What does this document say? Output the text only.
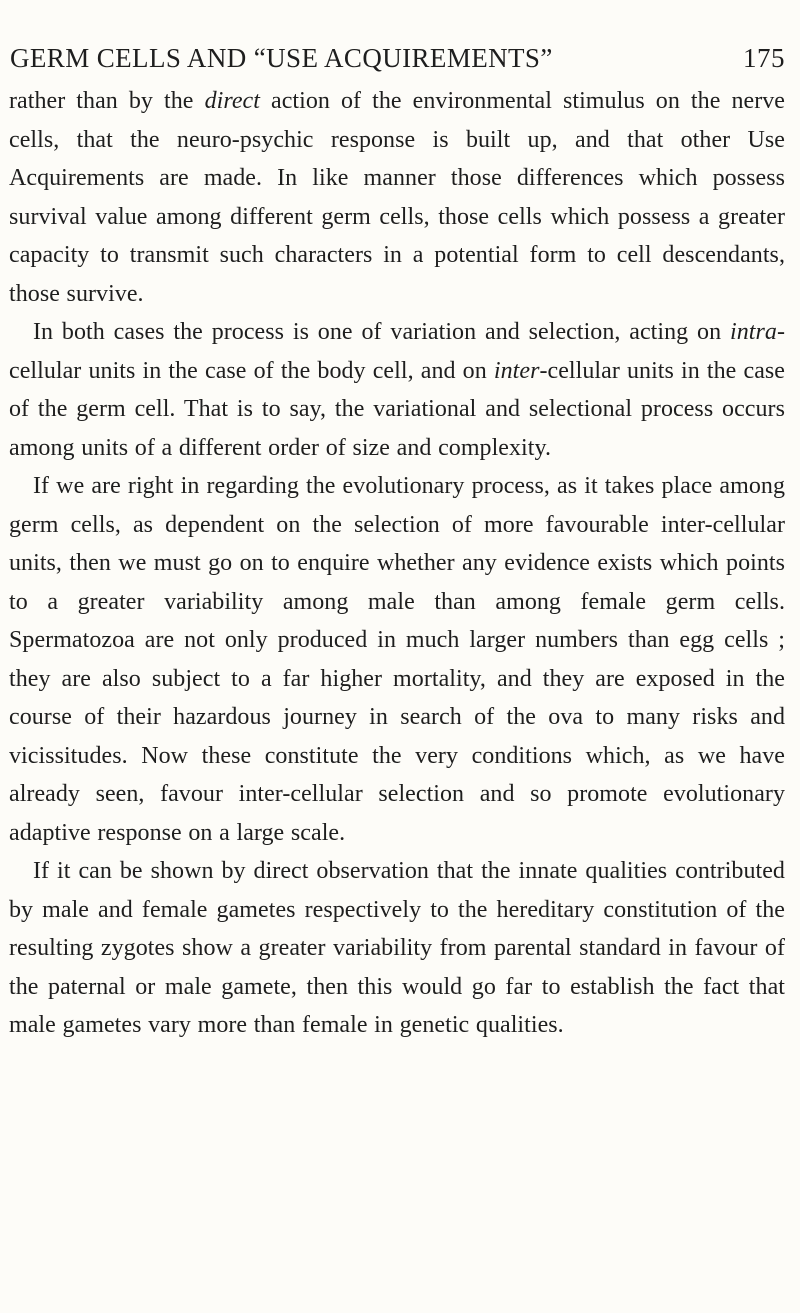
GERM CELLS AND “USE ACQUIREMENTS”	175

rather than by the direct action of the environmental stimulus on the nerve cells, that the neuro-psychic response is built up, and that other Use Acquirements are made. In like manner those differences which possess survival value among different germ cells, those cells which possess a greater capacity to transmit such characters in a potential form to cell descendants, those survive.

In both cases the process is one of variation and selection, acting on intra-cellular units in the case of the body cell, and on inter-cellular units in the case of the germ cell. That is to say, the variational and selectional process occurs among units of a different order of size and complexity.

If we are right in regarding the evolutionary process, as it takes place among germ cells, as dependent on the selection of more favourable inter-cellular units, then we must go on to enquire whether any evidence exists which points to a greater variability among male than among female germ cells. Spermatozoa are not only produced in much larger numbers than egg cells ; they are also subject to a far higher mortality, and they are exposed in the course of their hazardous journey in search of the ova to many risks and vicissitudes. Now these constitute the very conditions which, as we have already seen, favour inter-cellular selection and so promote evolutionary adaptive response on a large scale.

If it can be shown by direct observation that the innate qualities contributed by male and female gametes respectively to the hereditary constitution of the resulting zygotes show a greater variability from parental standard in favour of the paternal or male gamete, then this would go far to establish the fact that male gametes vary more than female in genetic qualities.
